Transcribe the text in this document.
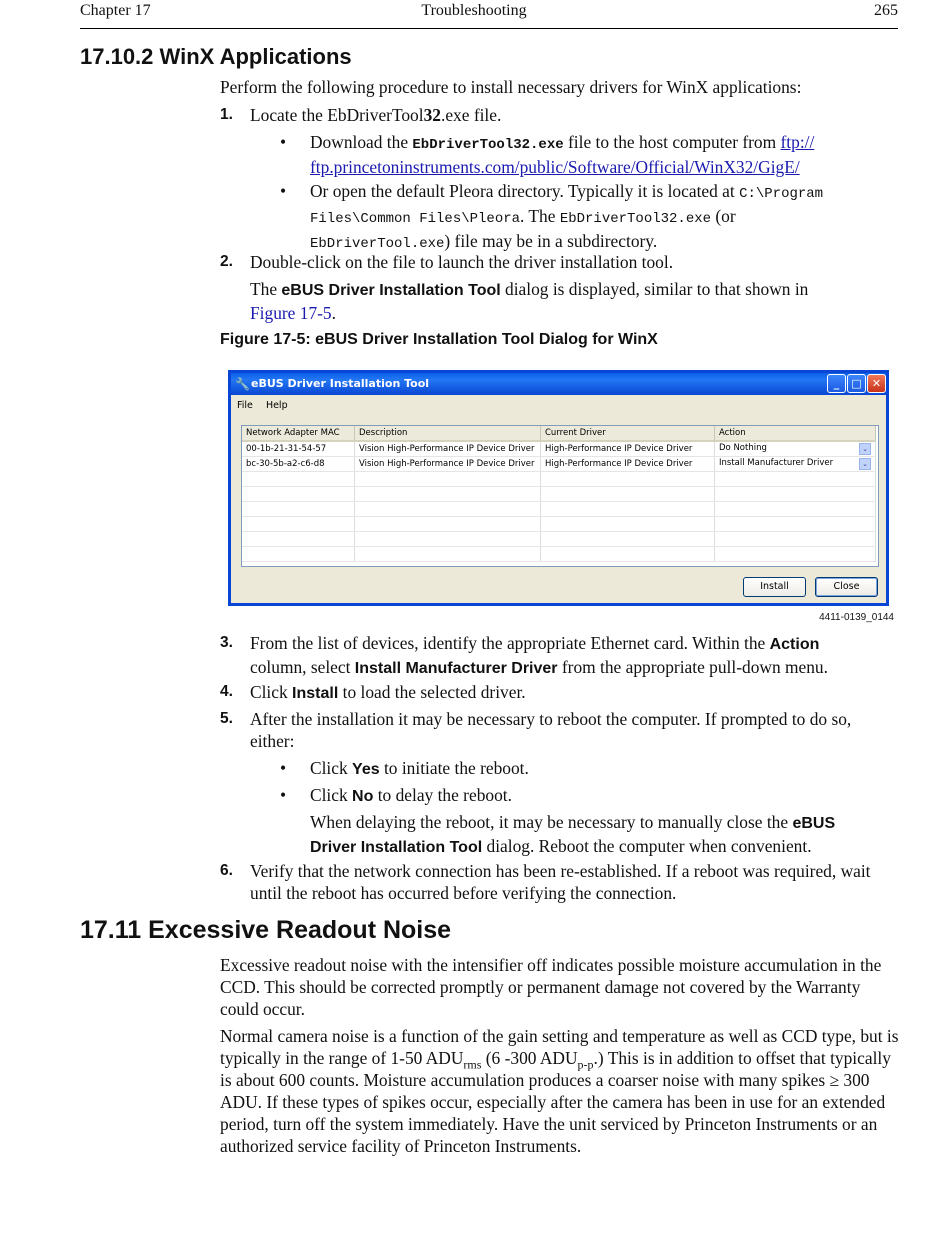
Chapter 17	Troubleshooting	265
17.10.2 WinX Applications

Perform the following procedure to install necessary drivers for WinX applications:

1. Locate the EbDriverTool32.exe file.
• Download the EbDriverTool32.exe file to the host computer from ftp://
ftp.princetoninstruments.com/public/Software/Official/WinX32/GigE/
• Or open the default Pleora directory. Typically it is located at C:\Program
Files\Common Files\Pleora. The EbDriverTool32.exe (or
EbDriverTool.exe) file may be in a subdirectory.
2. Double-click on the file to launch the driver installation tool.
The eBUS Driver Installation Tool dialog is displayed, similar to that shown in
Figure 17-5.
Figure 17-5: eBUS Driver Installation Tool Dialog for WinX
🔧 eBUS Driver Installation Tool	_	□ ✕
File Help
Network Adapter MAC	Description	Current Driver	Action
00-1b-21-31-54-57	Vision High-Performance IP Device Driver	High-Performance IP Device Driver	Do Nothing ⌄

bc-30-5b-a2-c6-d8	Vision High-Performance IP Device Driver	High-Performance IP Device Driver	Install Manufacturer Driver ⌄

Install	Close
4411-0139_0144
3. From the list of devices, identify the appropriate Ethernet card. Within the Action
column, select Install Manufacturer Driver from the appropriate pull-down menu.
4. Click Install to load the selected driver.
5. After the installation it may be necessary to reboot the computer. If prompted to do so, either:
• Click Yes to initiate the reboot.
• Click No to delay the reboot.
When delaying the reboot, it may be necessary to manually close the eBUS Driver Installation Tool dialog. Reboot the computer when convenient.
6. Verify that the network connection has been re-established. If a reboot was required, wait until the reboot has occurred before verifying the connection.
17.11 Excessive Readout Noise

Excessive readout noise with the intensifier off indicates possible moisture accumulation in the CCD. This should be corrected promptly or permanent damage not covered by the Warranty could occur.

Normal camera noise is a function of the gain setting and temperature as well as CCD type, but is typically in the range of 1-50 $ADU_{rms}$ (6 -300 $ADU_{p-p}$.) This is in addition to offset that typically is about 600 counts. Moisture accumulation produces a coarser noise with many spikes ≥ 300 ADU. If these types of spikes occur, especially after the camera has been in use for an extended period, turn off the system immediately. Have the unit serviced by Princeton Instruments or an authorized service facility of Princeton Instruments.
